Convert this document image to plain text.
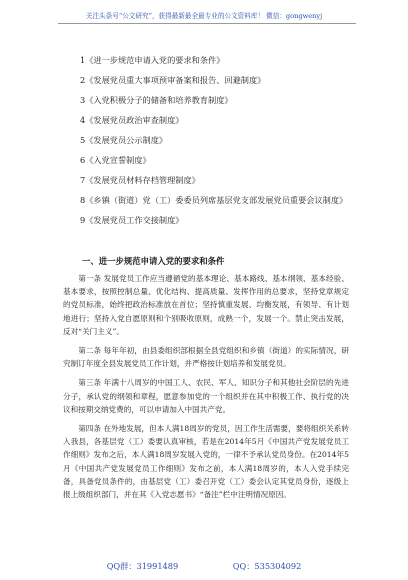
关注头条号“公文研究”，获得最新最全最专业的公文资料库！ 微信：gongwenyj
1《进一步规范申请入党的要求和条件》
2《发展党员重大事项预审备案和报告、回避制度》
3《入党积极分子的储备和培养教育制度》
4《发展党员政治审查制度》
5《发展党员公示制度》
6《入党宣誓制度》
7《发展党员材料存档管理制度》
8《乡镇（街道）党（工）委委员列席基层党支部发展党员重要会议制度》
9《发展党员工作交接制度》
一、进一步规范申请入党的要求和条件

第一条 发展党员工作应当遵循党的基本理论、基本路线、基本纲领、基本经验、基本要求，按照控制总量、优化结构、提高质量、发挥作用的总要求，坚持党章规定的党员标准，始终把政治标准放在首位；坚持慎重发展、均衡发展，有领导、有计划地进行；坚持入党自愿原则和个别吸收原则，成熟一个，发展一个。禁止突击发展，反对“关门主义”。

第二条 每年年初，由县委组织部根据全县党组织和乡镇（街道）的实际情况，研究制订年度全县发展党员工作计划，并严格按计划培养和发展党员。

第三条 年满十八周岁的中国工人、农民、军人、知识分子和其他社会阶层的先进分子，承认党的纲领和章程，愿意参加党的一个组织并在其中积极工作、执行党的决议和按期交纳党费的，可以申请加入中国共产党。

第四条 在外地发展，但本人满18周岁的党员，因工作生活需要，要将组织关系转入我县，各基层党（工）委要认真审核，若是在2014年5月《中国共产党发展党员工作细则》发布之后，本人满18周岁发展入党的，一律不予承认党员身份。在2014年5月《中国共产党发展党员工作细则》发布之前，本人满18周岁的，本人入党手续完备，具备党员条件的，由基层党（工）委召开党（工）委会认定其党员身份，逐级上报上级组织部门，并在其《入党志愿书》“备注”栏中注明情况原因。

QQ群：31991489	QQ：535304092
